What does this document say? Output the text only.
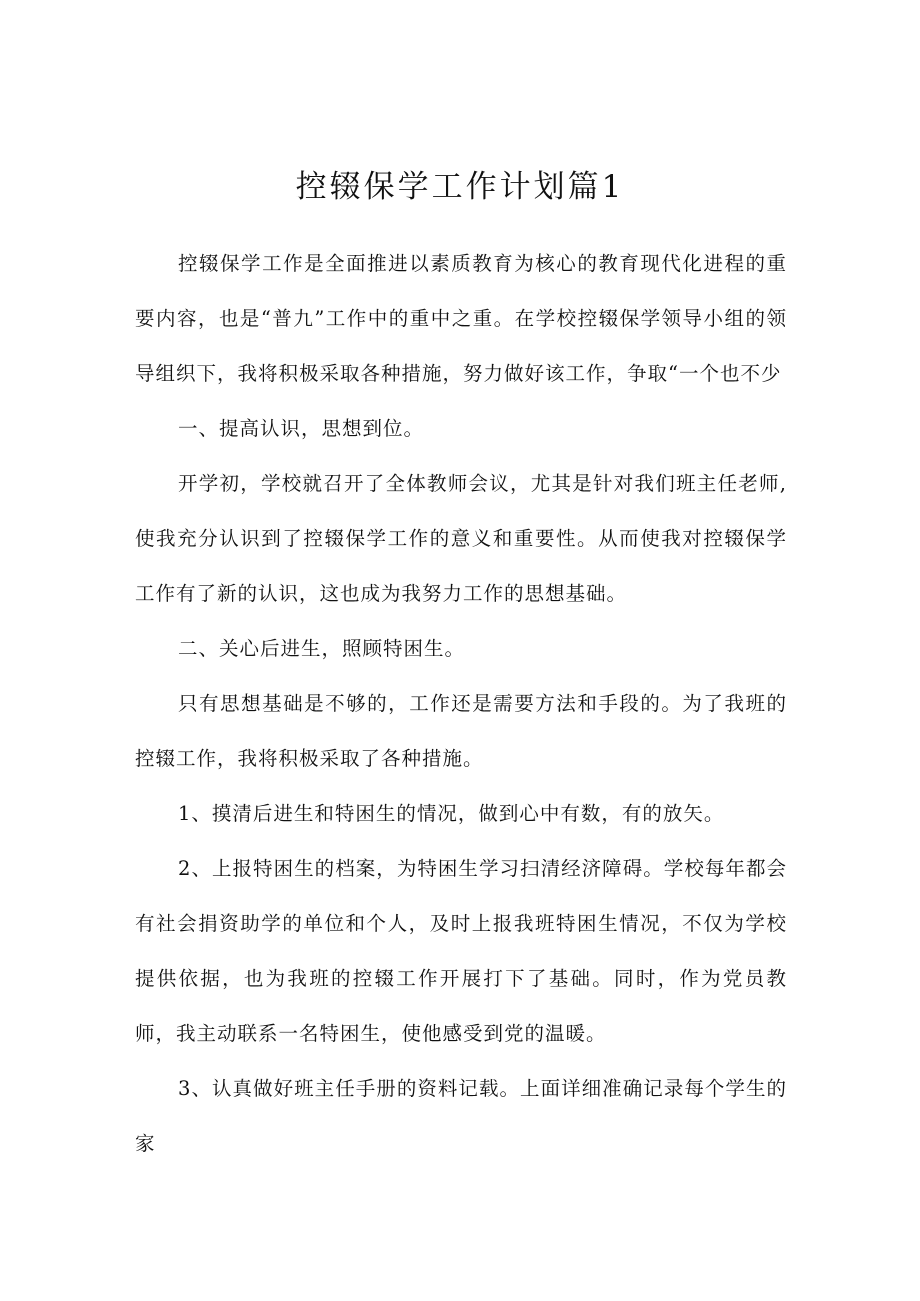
控辍保学工作计划篇1

控辍保学工作是全面推进以素质教育为核心的教育现代化进程的重要内容，也是“普九”工作中的重中之重。在学校控辍保学领导小组的领导组织下，我将积极采取各种措施，努力做好该工作，争取“一个也不少

一、提高认识，思想到位。

开学初，学校就召开了全体教师会议，尤其是针对我们班主任老师,使我充分认识到了控辍保学工作的意义和重要性。从而使我对控辍保学工作有了新的认识，这也成为我努力工作的思想基础。

二、关心后进生，照顾特困生。

只有思想基础是不够的，工作还是需要方法和手段的。为了我班的控辍工作，我将积极采取了各种措施。

1、摸清后进生和特困生的情况，做到心中有数，有的放矢。

2、上报特困生的档案，为特困生学习扫清经济障碍。学校每年都会有社会捐资助学的单位和个人，及时上报我班特困生情况，不仅为学校提供依据，也为我班的控辍工作开展打下了基础。同时，作为党员教师，我主动联系一名特困生，使他感受到党的温暖。

3、认真做好班主任手册的资料记载。上面详细准确记录每个学生的家
